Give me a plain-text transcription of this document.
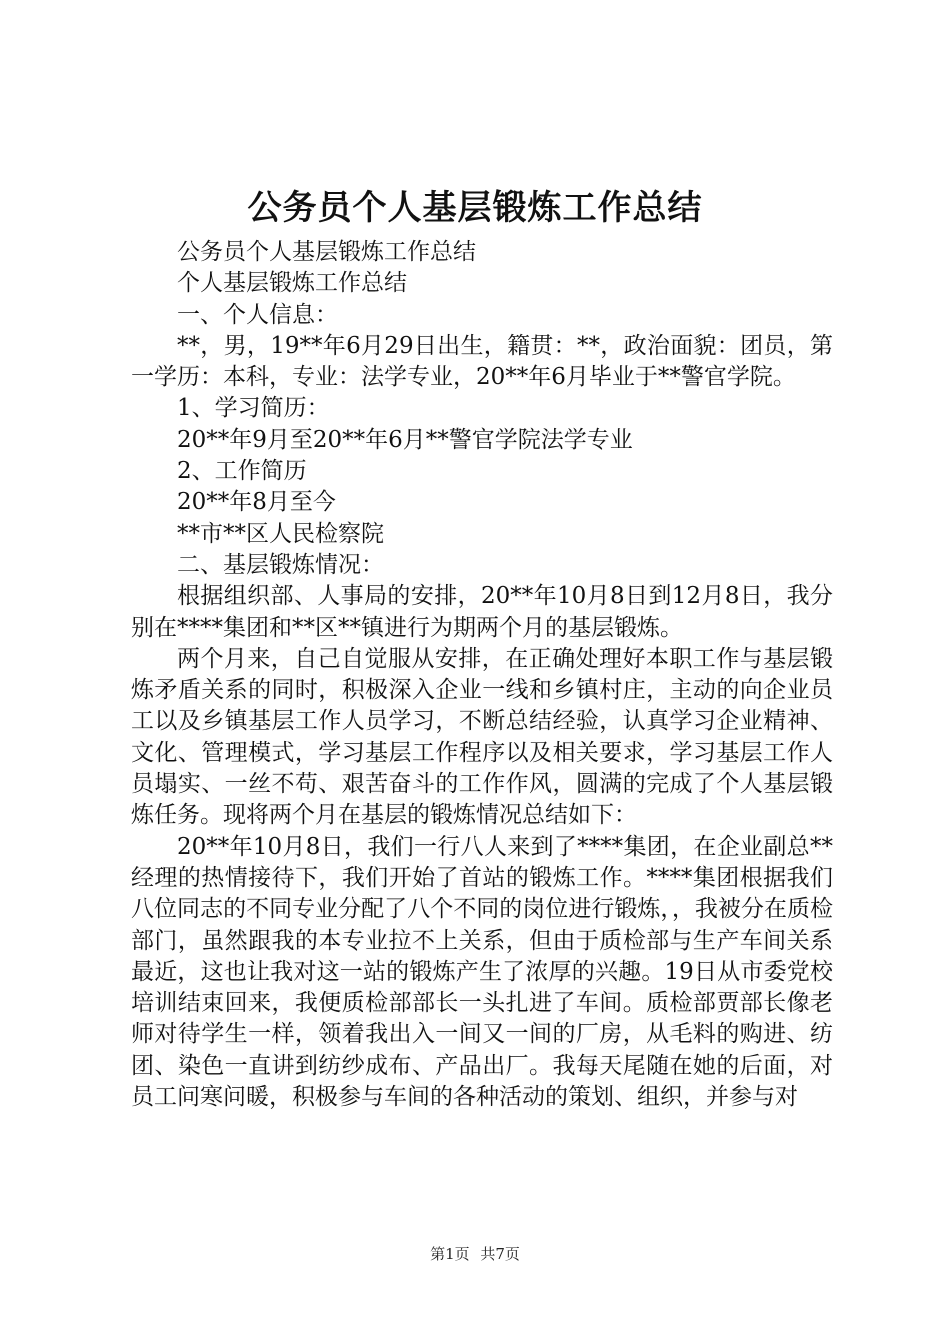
公务员个人基层锻炼工作总结

公务员个人基层锻炼工作总结

个人基层锻炼工作总结

一、个人信息：

**，男，19**年6月29日出生，籍贯：**，政治面貌：团员，第一学历：本科，专业：法学专业，20**年6月毕业于**警官学院。

1、学习简历：

20**年9月至20**年6月**警官学院法学专业

2、工作简历

20**年8月至今

**市**区人民检察院

二、基层锻炼情况：

根据组织部、人事局的安排，20**年10月8日到12月8日，我分别在****集团和**区**镇进行为期两个月的基层锻炼。

两个月来，自己自觉服从安排，在正确处理好本职工作与基层锻炼矛盾关系的同时，积极深入企业一线和乡镇村庄，主动的向企业员工以及乡镇基层工作人员学习，不断总结经验，认真学习企业精神、文化、管理模式，学习基层工作程序以及相关要求，学习基层工作人员塌实、一丝不苟、艰苦奋斗的工作作风，圆满的完成了个人基层锻炼任务。现将两个月在基层的锻炼情况总结如下：

20**年10月8日，我们一行八人来到了****集团，在企业副总**经理的热情接待下，我们开始了首站的锻炼工作。****集团根据我们八位同志的不同专业分配了八个不同的岗位进行锻炼，，我被分在质检部门，虽然跟我的本专业拉不上关系，但由于质检部与生产车间关系最近，这也让我对这一站的锻炼产生了浓厚的兴趣。19日从市委党校培训结束回来，我便质检部部长一头扎进了车间。质检部贾部长像老师对待学生一样，领着我出入一间又一间的厂房，从毛料的购进、纺团、染色一直讲到纺纱成布、产品出厂。我每天尾随在她的后面，对员工问寒问暖，积极参与车间的各种活动的策划、组织，并参与对

第1页 共7页
